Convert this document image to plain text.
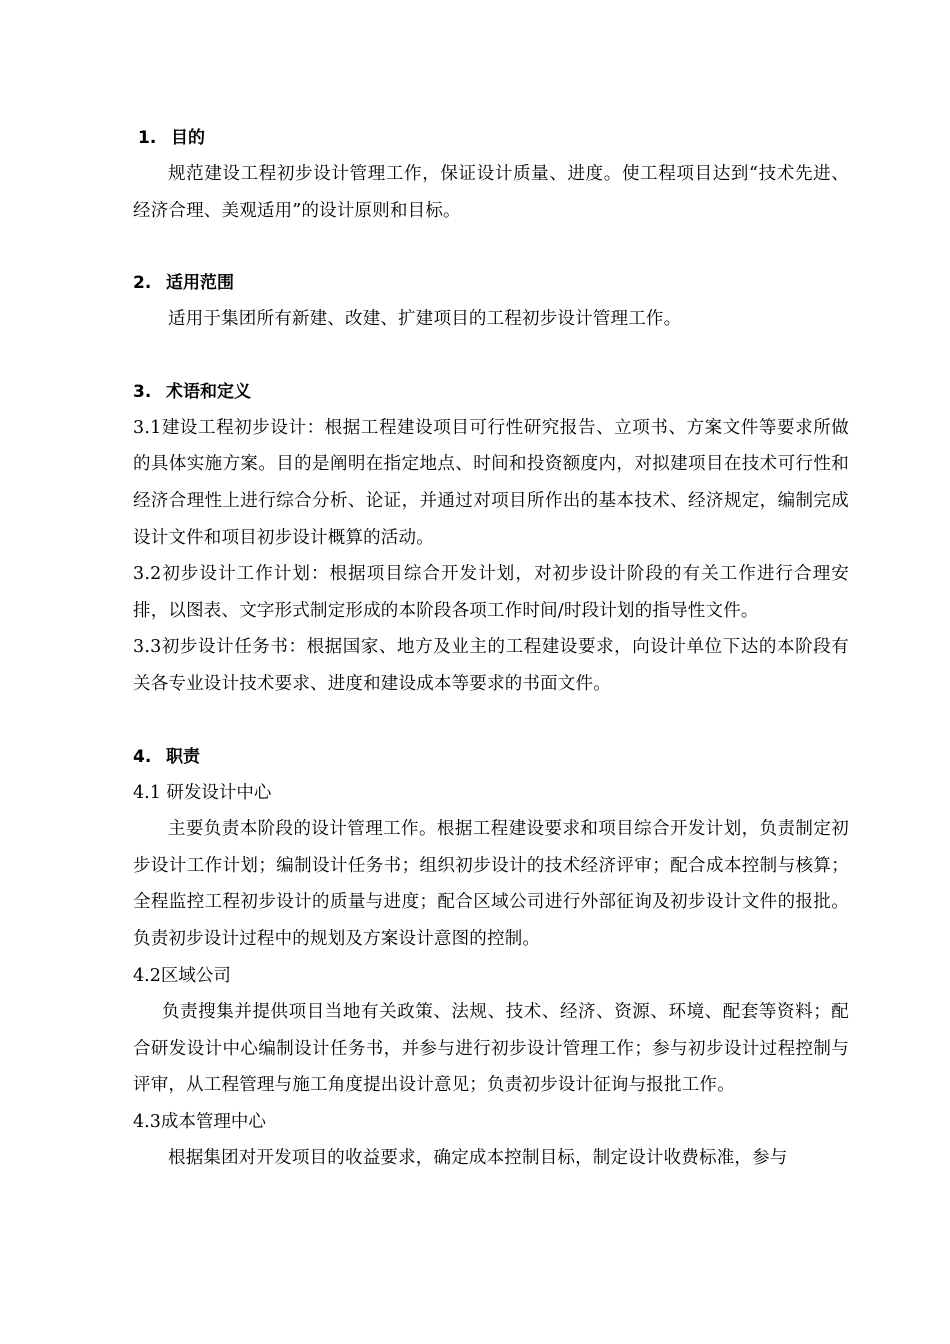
1. 目的

规范建设工程初步设计管理工作，保证设计质量、进度。使工程项目达到“技术先进、经济合理、美观适用”的设计原则和目标。

2. 适用范围

适用于集团所有新建、改建、扩建项目的工程初步设计管理工作。

3. 术语和定义

3.1建设工程初步设计：根据工程建设项目可行性研究报告、立项书、方案文件等要求所做的具体实施方案。目的是阐明在指定地点、时间和投资额度内，对拟建项目在技术可行性和经济合理性上进行综合分析、论证，并通过对项目所作出的基本技术、经济规定，编制完成设计文件和项目初步设计概算的活动。

3.2初步设计工作计划：根据项目综合开发计划，对初步设计阶段的有关工作进行合理安排，以图表、文字形式制定形成的本阶段各项工作时间/时段计划的指导性文件。

3.3初步设计任务书：根据国家、地方及业主的工程建设要求，向设计单位下达的本阶段有关各专业设计技术要求、进度和建设成本等要求的书面文件。

4. 职责

4.1 研发设计中心

主要负责本阶段的设计管理工作。根据工程建设要求和项目综合开发计划，负责制定初步设计工作计划；编制设计任务书；组织初步设计的技术经济评审；配合成本控制与核算；全程监控工程初步设计的质量与进度；配合区域公司进行外部征询及初步设计文件的报批。负责初步设计过程中的规划及方案设计意图的控制。

4.2区域公司

负责搜集并提供项目当地有关政策、法规、技术、经济、资源、环境、配套等资料；配合研发设计中心编制设计任务书，并参与进行初步设计管理工作；参与初步设计过程控制与评审，从工程管理与施工角度提出设计意见；负责初步设计征询与报批工作。

4.3成本管理中心

根据集团对开发项目的收益要求，确定成本控制目标，制定设计收费标准，参与
